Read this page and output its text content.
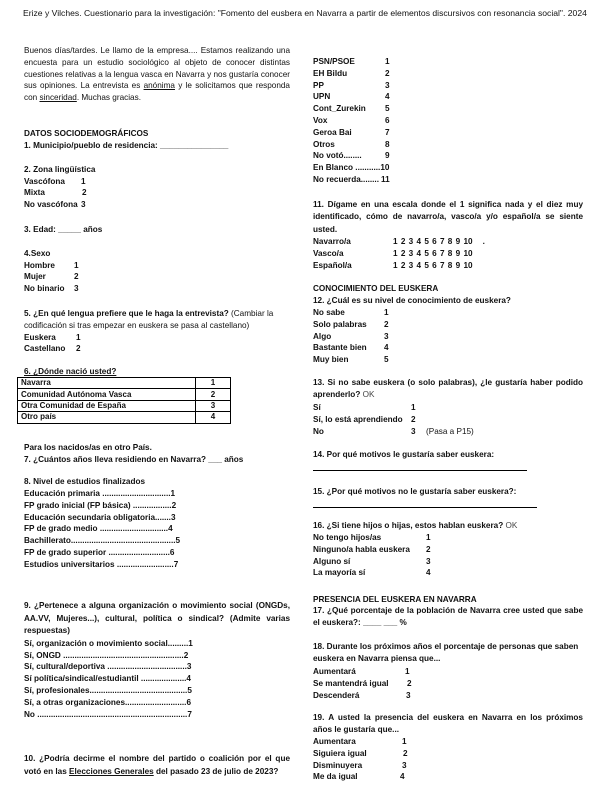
Erize y Vilches. Cuestionario para la investigación: "Fomento del eusbera en Navarra a partir de elementos discursivos con resonancia social". 2024
Buenos días/tardes. Le llamo de la empresa.... Estamos realizando una encuesta para un estudio sociológico al objeto de conocer distintas cuestiones relativas a la lengua vasca en Navarra y nos gustaría conocer sus opiniones. La entrevista es anónima y le solicitamos que responda con sinceridad. Muchas gracias.
DATOS SOCIODEMOGRÁFICOS
1. Municipio/pueblo de residencia: _______________
2. Zona lingüística
Vascófona	1
Mixta	2
No vascófona 3
3. Edad: _____ años
4.Sexo
Hombre	1
Mujer	2
No binario	3
5. ¿En qué lengua prefiere que le haga la entrevista? (Cambiar la codificación si tras empezar en euskera se pasa al castellano)
Euskera	1
Castellano	2
6. ¿Dónde nació usted?
Navarra	1
Comunidad Autónoma Vasca	2
Otra Comunidad de España	3
Otro país	4
Para los nacidos/as en otro País.
7. ¿Cuántos años lleva residiendo en Navarra? ___ años
8. Nivel de estudios finalizados
Educación primaria .............................. 1
FP grado inicial (FP básica) ................. 2
Educación secundaria obligatoria....... 3
FP de grado medio .............................. 4
Bachillerato.............................................. 5
FP de grado superior ........................... 6
Estudios universitarios ......................... 7
9. ¿Pertenece a alguna organización o movimiento social (ONGDs, AA.VV, Mujeres...), cultural, política o sindical? (Admite varias respuestas)
Sí, organización o movimiento social......... 1
Sí, ONGD ..................................................... 2
Sí, cultural/deportiva ................................... 3
Sí política/sindical/estudiantil .................... 4
Sí, profesionales........................................... 5
Sí, a otras organizaciones........................... 6
No .................................................................. 7
10. ¿Podría decirme el nombre del partido o coalición por el que votó en las Elecciones Generales del pasado 23 de julio de 2023?
PSN/PSOE	1
EH Bildu	2
PP	3
UPN	4
Cont_Zurekin	5
Vox	6
Geroa Bai	7
Otros	8
No votó........	9
En Blanco ........... 10
No recuerda........ 11
11. Dígame en una escala donde el 1 significa nada y el diez muy identificado, cómo de navarro/a, vasco/a y/o español/a se siente usted.
Navarro/a	1 2 3 4 5 6 7 8 9 10 .
Vasco/a	1 2 3 4 5 6 7 8 9 10
Español/a	1 2 3 4 5 6 7 8 9 10
CONOCIMIENTO DEL EUSKERA
12. ¿Cuál es su nivel de conocimiento de euskera?
No sabe	1
Solo palabras	2
Algo	3
Bastante bien	4
Muy bien	5
13. Si no sabe euskera (o solo palabras), ¿le gustaría haber podido aprenderlo? OK
Sí	1
Sí, lo está aprendiendo	2
No	3	(Pasa a P15)
14. Por qué motivos le gustaría saber euskera:
15. ¿Por qué motivos no le gustaría saber euskera?:
16. ¿Si tiene hijos o hijas, estos hablan euskera? OK
No tengo hijos/as	1
Ninguno/a habla euskera	2
Alguno sí	3
La mayoría sí	4
PRESENCIA DEL EUSKERA EN NAVARRA
17. ¿Qué porcentaje de la población de Navarra cree usted que sabe el euskera?: ____ ___ %
18. Durante los próximos años el porcentaje de personas que saben euskera en Navarra piensa que...
Aumentará	1
Se mantendrá igual	2
Descenderá	3
19. A usted la presencia del euskera en Navarra en los próximos años le gustaría que...
Aumentara	1
Siguiera igual	2
Disminuyera	3
Me da igual	4
